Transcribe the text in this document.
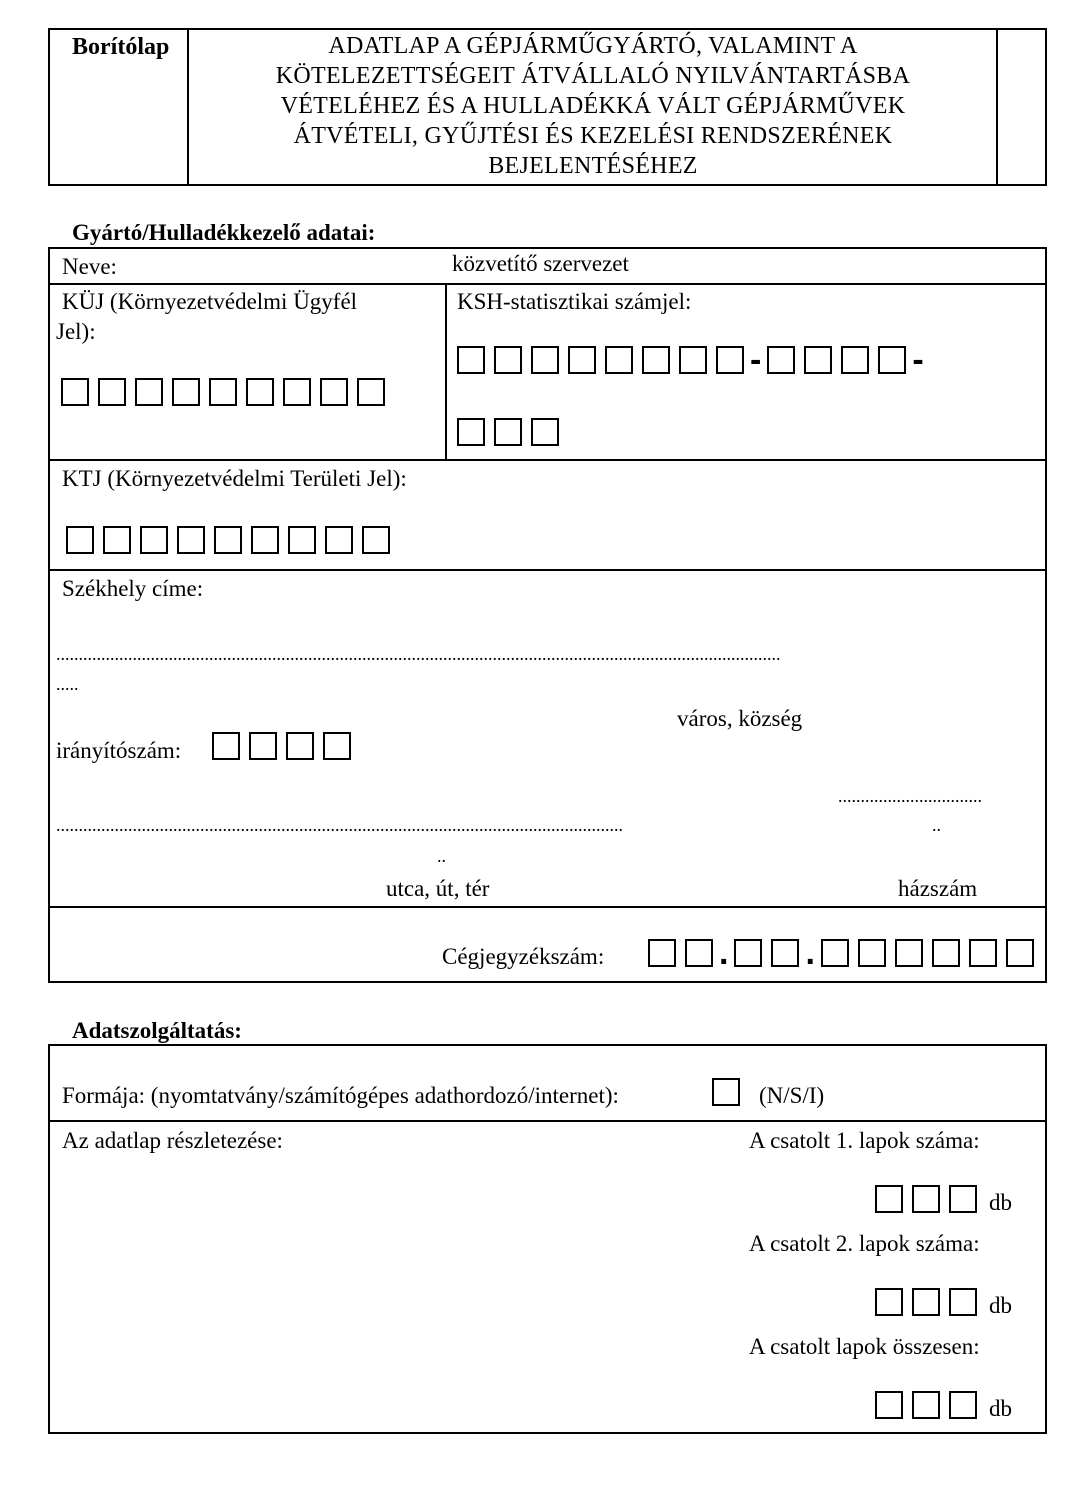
Borítólap	ADATLAP A GÉPJÁRMŰGYÁRTÓ, VALAMINT A
KÖTELEZETTSÉGEIT ÁTVÁLLALÓ NYILVÁNTARTÁSBA
VÉTELÉHEZ ÉS A HULLADÉKKÁ VÁLT GÉPJÁRMŰVEK
ÁTVÉTELI, GYŰJTÉSI ÉS KEZELÉSI RENDSZERÉNEK
BEJELENTÉSÉHEZ
Gyártó/Hulladékkezelő adatai:
Neve:	közvetítő szervezet
KÜJ (Környezetvédelmi Ügyfél
Jel):
KSH-statisztikai számjel:
-	-
KTJ (Környezetvédelmi Területi Jel):
Székhely címe:
.................................................................................................................................................................
.....
város, község
irányítószám:
................................
..............................................................................................................................	..
..
utca, út, tér	házszám
Cégjegyzékszám:	. .
Adatszolgáltatás:
Formája: (nyomtatvány/számítógépes adathordozó/internet):	(N/S/I)
Az adatlap részletezése:	A csatolt 1. lapok száma:
db
A csatolt 2. lapok száma:
db
A csatolt lapok összesen:
db
